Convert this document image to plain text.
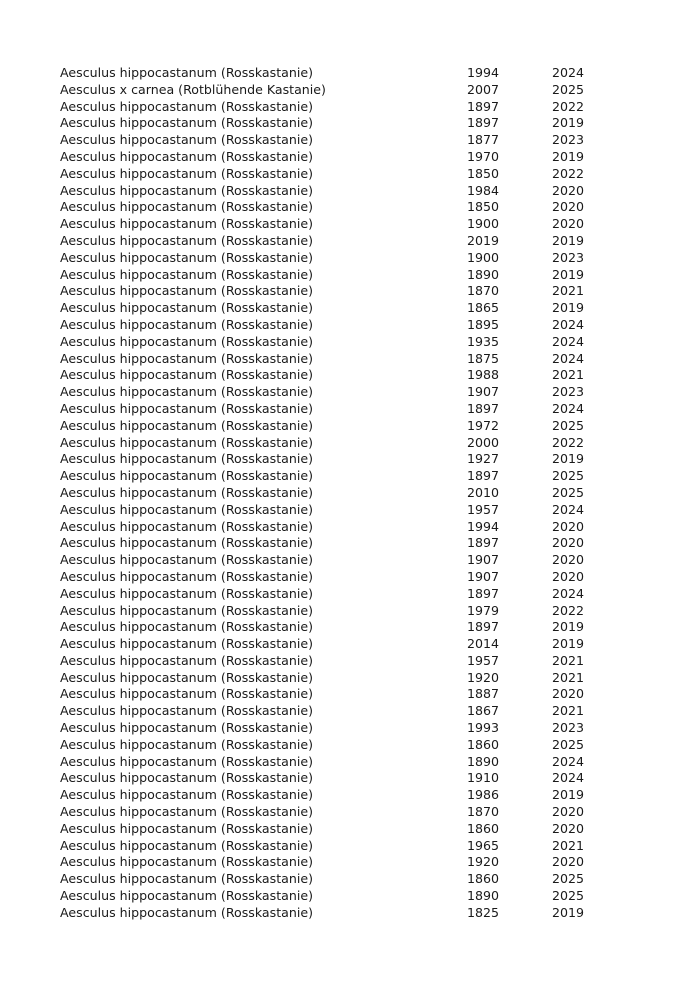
Aesculus hippocastanum (Rosskastanie)	1994	2024
Aesculus x carnea (Rotblühende Kastanie)	2007	2025
Aesculus hippocastanum (Rosskastanie)	1897	2022
Aesculus hippocastanum (Rosskastanie)	1897	2019
Aesculus hippocastanum (Rosskastanie)	1877	2023
Aesculus hippocastanum (Rosskastanie)	1970	2019
Aesculus hippocastanum (Rosskastanie)	1850	2022
Aesculus hippocastanum (Rosskastanie)	1984	2020
Aesculus hippocastanum (Rosskastanie)	1850	2020
Aesculus hippocastanum (Rosskastanie)	1900	2020
Aesculus hippocastanum (Rosskastanie)	2019	2019
Aesculus hippocastanum (Rosskastanie)	1900	2023
Aesculus hippocastanum (Rosskastanie)	1890	2019
Aesculus hippocastanum (Rosskastanie)	1870	2021
Aesculus hippocastanum (Rosskastanie)	1865	2019
Aesculus hippocastanum (Rosskastanie)	1895	2024
Aesculus hippocastanum (Rosskastanie)	1935	2024
Aesculus hippocastanum (Rosskastanie)	1875	2024
Aesculus hippocastanum (Rosskastanie)	1988	2021
Aesculus hippocastanum (Rosskastanie)	1907	2023
Aesculus hippocastanum (Rosskastanie)	1897	2024
Aesculus hippocastanum (Rosskastanie)	1972	2025
Aesculus hippocastanum (Rosskastanie)	2000	2022
Aesculus hippocastanum (Rosskastanie)	1927	2019
Aesculus hippocastanum (Rosskastanie)	1897	2025
Aesculus hippocastanum (Rosskastanie)	2010	2025
Aesculus hippocastanum (Rosskastanie)	1957	2024
Aesculus hippocastanum (Rosskastanie)	1994	2020
Aesculus hippocastanum (Rosskastanie)	1897	2020
Aesculus hippocastanum (Rosskastanie)	1907	2020
Aesculus hippocastanum (Rosskastanie)	1907	2020
Aesculus hippocastanum (Rosskastanie)	1897	2024
Aesculus hippocastanum (Rosskastanie)	1979	2022
Aesculus hippocastanum (Rosskastanie)	1897	2019
Aesculus hippocastanum (Rosskastanie)	2014	2019
Aesculus hippocastanum (Rosskastanie)	1957	2021
Aesculus hippocastanum (Rosskastanie)	1920	2021
Aesculus hippocastanum (Rosskastanie)	1887	2020
Aesculus hippocastanum (Rosskastanie)	1867	2021
Aesculus hippocastanum (Rosskastanie)	1993	2023
Aesculus hippocastanum (Rosskastanie)	1860	2025
Aesculus hippocastanum (Rosskastanie)	1890	2024
Aesculus hippocastanum (Rosskastanie)	1910	2024
Aesculus hippocastanum (Rosskastanie)	1986	2019
Aesculus hippocastanum (Rosskastanie)	1870	2020
Aesculus hippocastanum (Rosskastanie)	1860	2020
Aesculus hippocastanum (Rosskastanie)	1965	2021
Aesculus hippocastanum (Rosskastanie)	1920	2020
Aesculus hippocastanum (Rosskastanie)	1860	2025
Aesculus hippocastanum (Rosskastanie)	1890	2025
Aesculus hippocastanum (Rosskastanie)	1825	2019
